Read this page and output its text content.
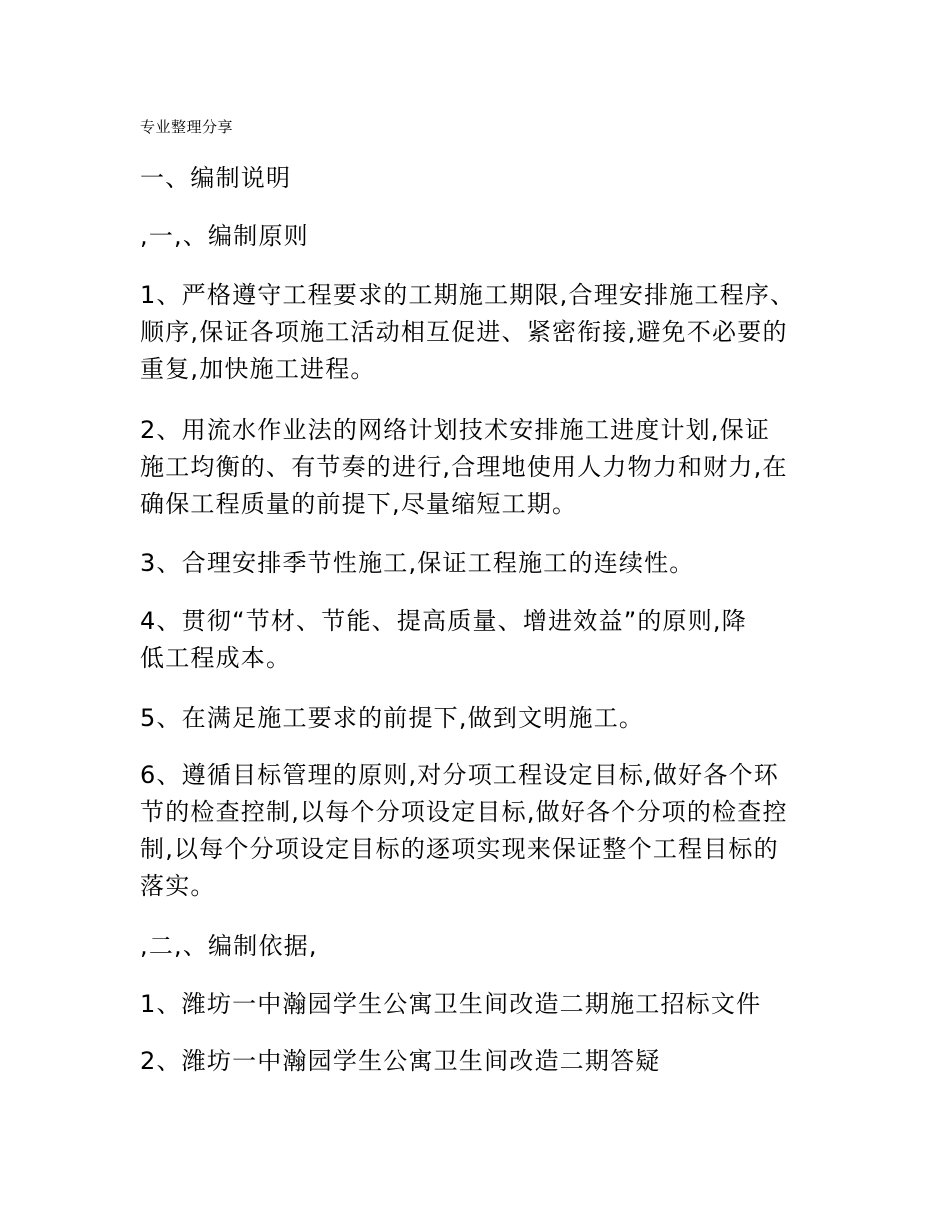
专业整理分享

一、编制说明

,一,、编制原则

1、严格遵守工程要求的工期施工期限,合理安排施工程序、
顺序,保证各项施工活动相互促进、紧密衔接,避免不必要的
重复,加快施工进程。

2、用流水作业法的网络计划技术安排施工进度计划,保证
施工均衡的、有节奏的进行,合理地使用人力物力和财力,在
确保工程质量的前提下,尽量缩短工期。

3、合理安排季节性施工,保证工程施工的连续性。

4、贯彻“节材、节能、提高质量、增进效益”的原则,降
低工程成本。

5、在满足施工要求的前提下,做到文明施工。

6、遵循目标管理的原则,对分项工程设定目标,做好各个环
节的检查控制,以每个分项设定目标,做好各个分项的检查控
制,以每个分项设定目标的逐项实现来保证整个工程目标的
落实。

,二,、编制依据,

1、潍坊一中瀚园学生公寓卫生间改造二期施工招标文件

2、潍坊一中瀚园学生公寓卫生间改造二期答疑
